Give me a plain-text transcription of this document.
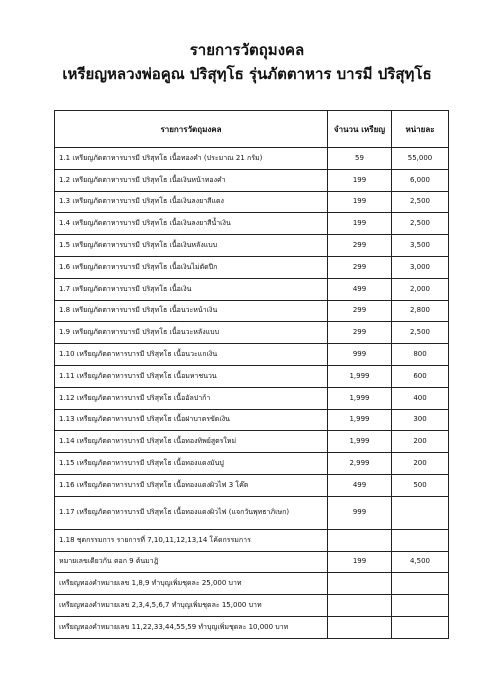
รายการวัตถุมงคล
เหรียญหลวงพ่อคูณ ปริสุทฺโธ รุ่นภัตตาหาร บารมี ปริสุทฺโธ
รายการวัตถุมงคล	จำนวน เหรียญ	หน่ายละ
1.1 เหรียญภัตตาหารบารมี ปริสุทโธ เนื้อทองคำ (ประมาณ 21 กรัม)	59	55,000
1.2 เหรียญภัตตาหารบารมี ปริสุทโธ เนื้อเงินหน้าทองคำ	199	6,000
1.3 เหรียญภัตตาหารบารมี ปริสุทโธ เนื้อเงินลงยาสีแดง	199	2,500
1.4 เหรียญภัตตาหารบารมี ปริสุทโธ เนื้อเงินลงยาสีน้ำเงิน	199	2,500
1.5 เหรียญภัตตาหารบารมี ปริสุทโธ เนื้อเงินหลังแบบ	299	3,500
1.6 เหรียญภัตตาหารบารมี ปริสุทโธ เนื้อเงินไม่ตัดปีก	299	3,000
1.7 เหรียญภัตตาหารบารมี ปริสุทโธ เนื้อเงิน	499	2,000
1.8 เหรียญภัตตาหารบารมี ปริสุทโธ เนื้อนวะหน้าเงิน	299	2,800
1.9 เหรียญภัตตาหารบารมี ปริสุทโธ เนื้อนวะหลังแบบ	299	2,500
1.10 เหรียญภัตตาหารบารมี ปริสุทโธ เนื้อนวะแกเงิน	999	800
1.11 เหรียญภัตตาหารบารมี ปริสุทโธ เนื้อมหาชนวน	1,999	600
1.12 เหรียญภัตตาหารบารมี ปริสุทโธ เนื้ออัลปาก้า	1,999	400
1.13 เหรียญภัตตาหารบารมี ปริสุทโธ เนื้อฝาบาตรขัดเงิน	1,999	300
1.14 เหรียญภัตตาหารบารมี ปริสุทโธ เนื้อทองทิพย์สูตรใหม่	1,999	200
1.15 เหรียญภัตตาหารบารมี ปริสุทโธ เนื้อทองแดงมันปู	2,999	200
1.16 เหรียญภัตตาหารบารมี ปริสุทโธ เนื้อทองแดงผิวไฟ 3 โค๊ด	499	500
1.17 เหรียญภัตตาหารบารมี ปริสุทโธ เนื้อทองแดงผิวไฟ (แจกวันพุทธาภิเษก)	999	
1.18 ชุดกรรมการ รายการที่ 7,10,11,12,13,14 โค้ดกรรมการ		
หมายเลขเดียวกัน ตอก 9 ต้นมาฎิ	199	4,500
เหรียญทองคำหมายเลข 1,8,9 ทำบุญเพิ่มชุดละ 25,000 บาท		
เหรียญทองคำหมายเลข 2,3,4,5,6,7 ทำบุญเพิ่มชุดละ 15,000 บาท		
เหรียญทองคำหมายเลข 11,22,33,44,55,59 ทำบุญเพิ่มชุดละ 10,000 บาท		
